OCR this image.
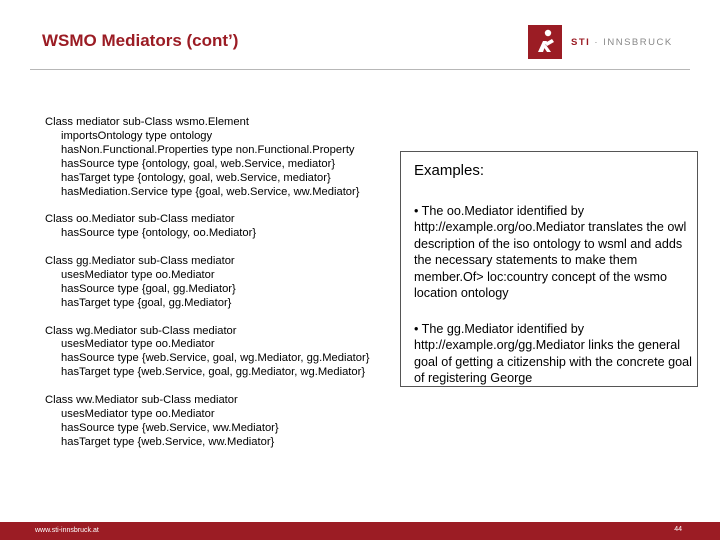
WSMO Mediators (cont’)	STI · INNSBRUCK
Class mediator sub-Class wsmo.Element
importsOntology type ontology
hasNon.Functional.Properties type non.Functional.Property
hasSource type {ontology, goal, web.Service, mediator}
hasTarget type {ontology, goal, web.Service, mediator}
hasMediation.Service type {goal, web.Service, ww.Mediator}
Class oo.Mediator sub-Class mediator
hasSource type {ontology, oo.Mediator}
Class gg.Mediator sub-Class mediator
usesMediator type oo.Mediator
hasSource type {goal, gg.Mediator}
hasTarget type {goal, gg.Mediator}
Class wg.Mediator sub-Class mediator
usesMediator type oo.Mediator
hasSource type {web.Service, goal, wg.Mediator, gg.Mediator}
hasTarget type {web.Service, goal, gg.Mediator, wg.Mediator}
Class ww.Mediator sub-Class mediator
usesMediator type oo.Mediator
hasSource type {web.Service, ww.Mediator}
hasTarget type {web.Service, ww.Mediator}
Examples:
• The oo.Mediator identified by http://example.org/oo.Mediator translates the owl description of the iso ontology to wsml and adds the necessary statements to make them member.Of> loc:country concept of the wsmo location ontology
• The gg.Mediator identified by http://example.org/gg.Mediator links the general goal of getting a citizenship with the concrete goal of registering George
www.sti-innsbruck.at	44
